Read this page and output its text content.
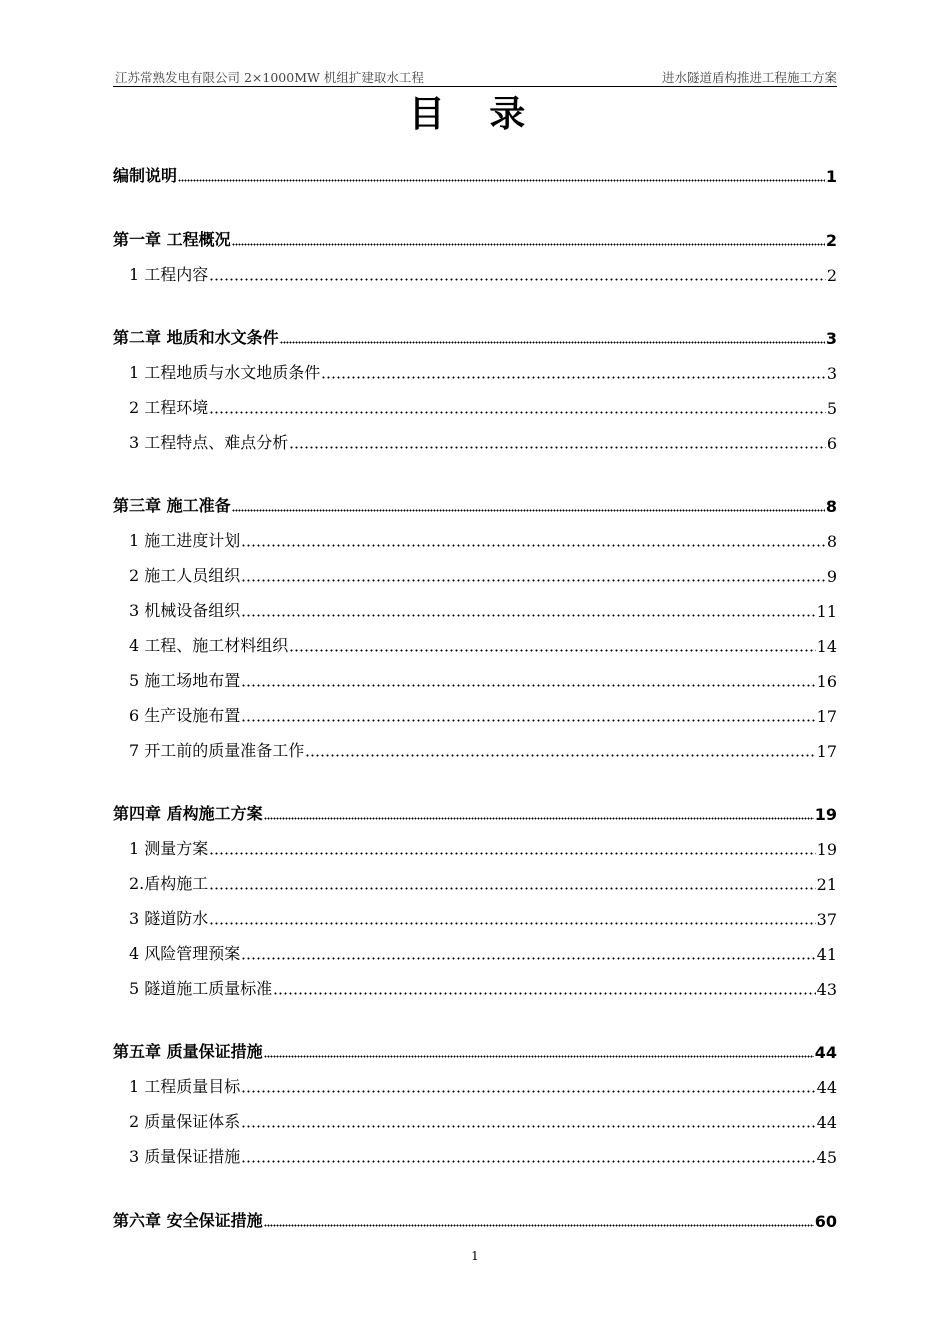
江苏常熟发电有限公司 2×1000MW 机组扩建取水工程	进水隧道盾构推进工程施工方案
目 录
编制说明	1
第一章 工程概况	2
1 工程内容	2
第二章 地质和水文条件	3
1 工程地质与水文地质条件	3
2 工程环境	5
3 工程特点、难点分析	6
第三章 施工准备	8
1 施工进度计划	8
2 施工人员组织	9
3 机械设备组织	11
4 工程、施工材料组织	14
5 施工场地布置	16
6 生产设施布置	17
7 开工前的质量准备工作	17
第四章 盾构施工方案	19
1 测量方案	19
2.盾构施工	21
3 隧道防水	37
4 风险管理预案	41
5 隧道施工质量标准	43
第五章 质量保证措施	44
1 工程质量目标	44
2 质量保证体系	44
3 质量保证措施	45
第六章 安全保证措施	60
1
